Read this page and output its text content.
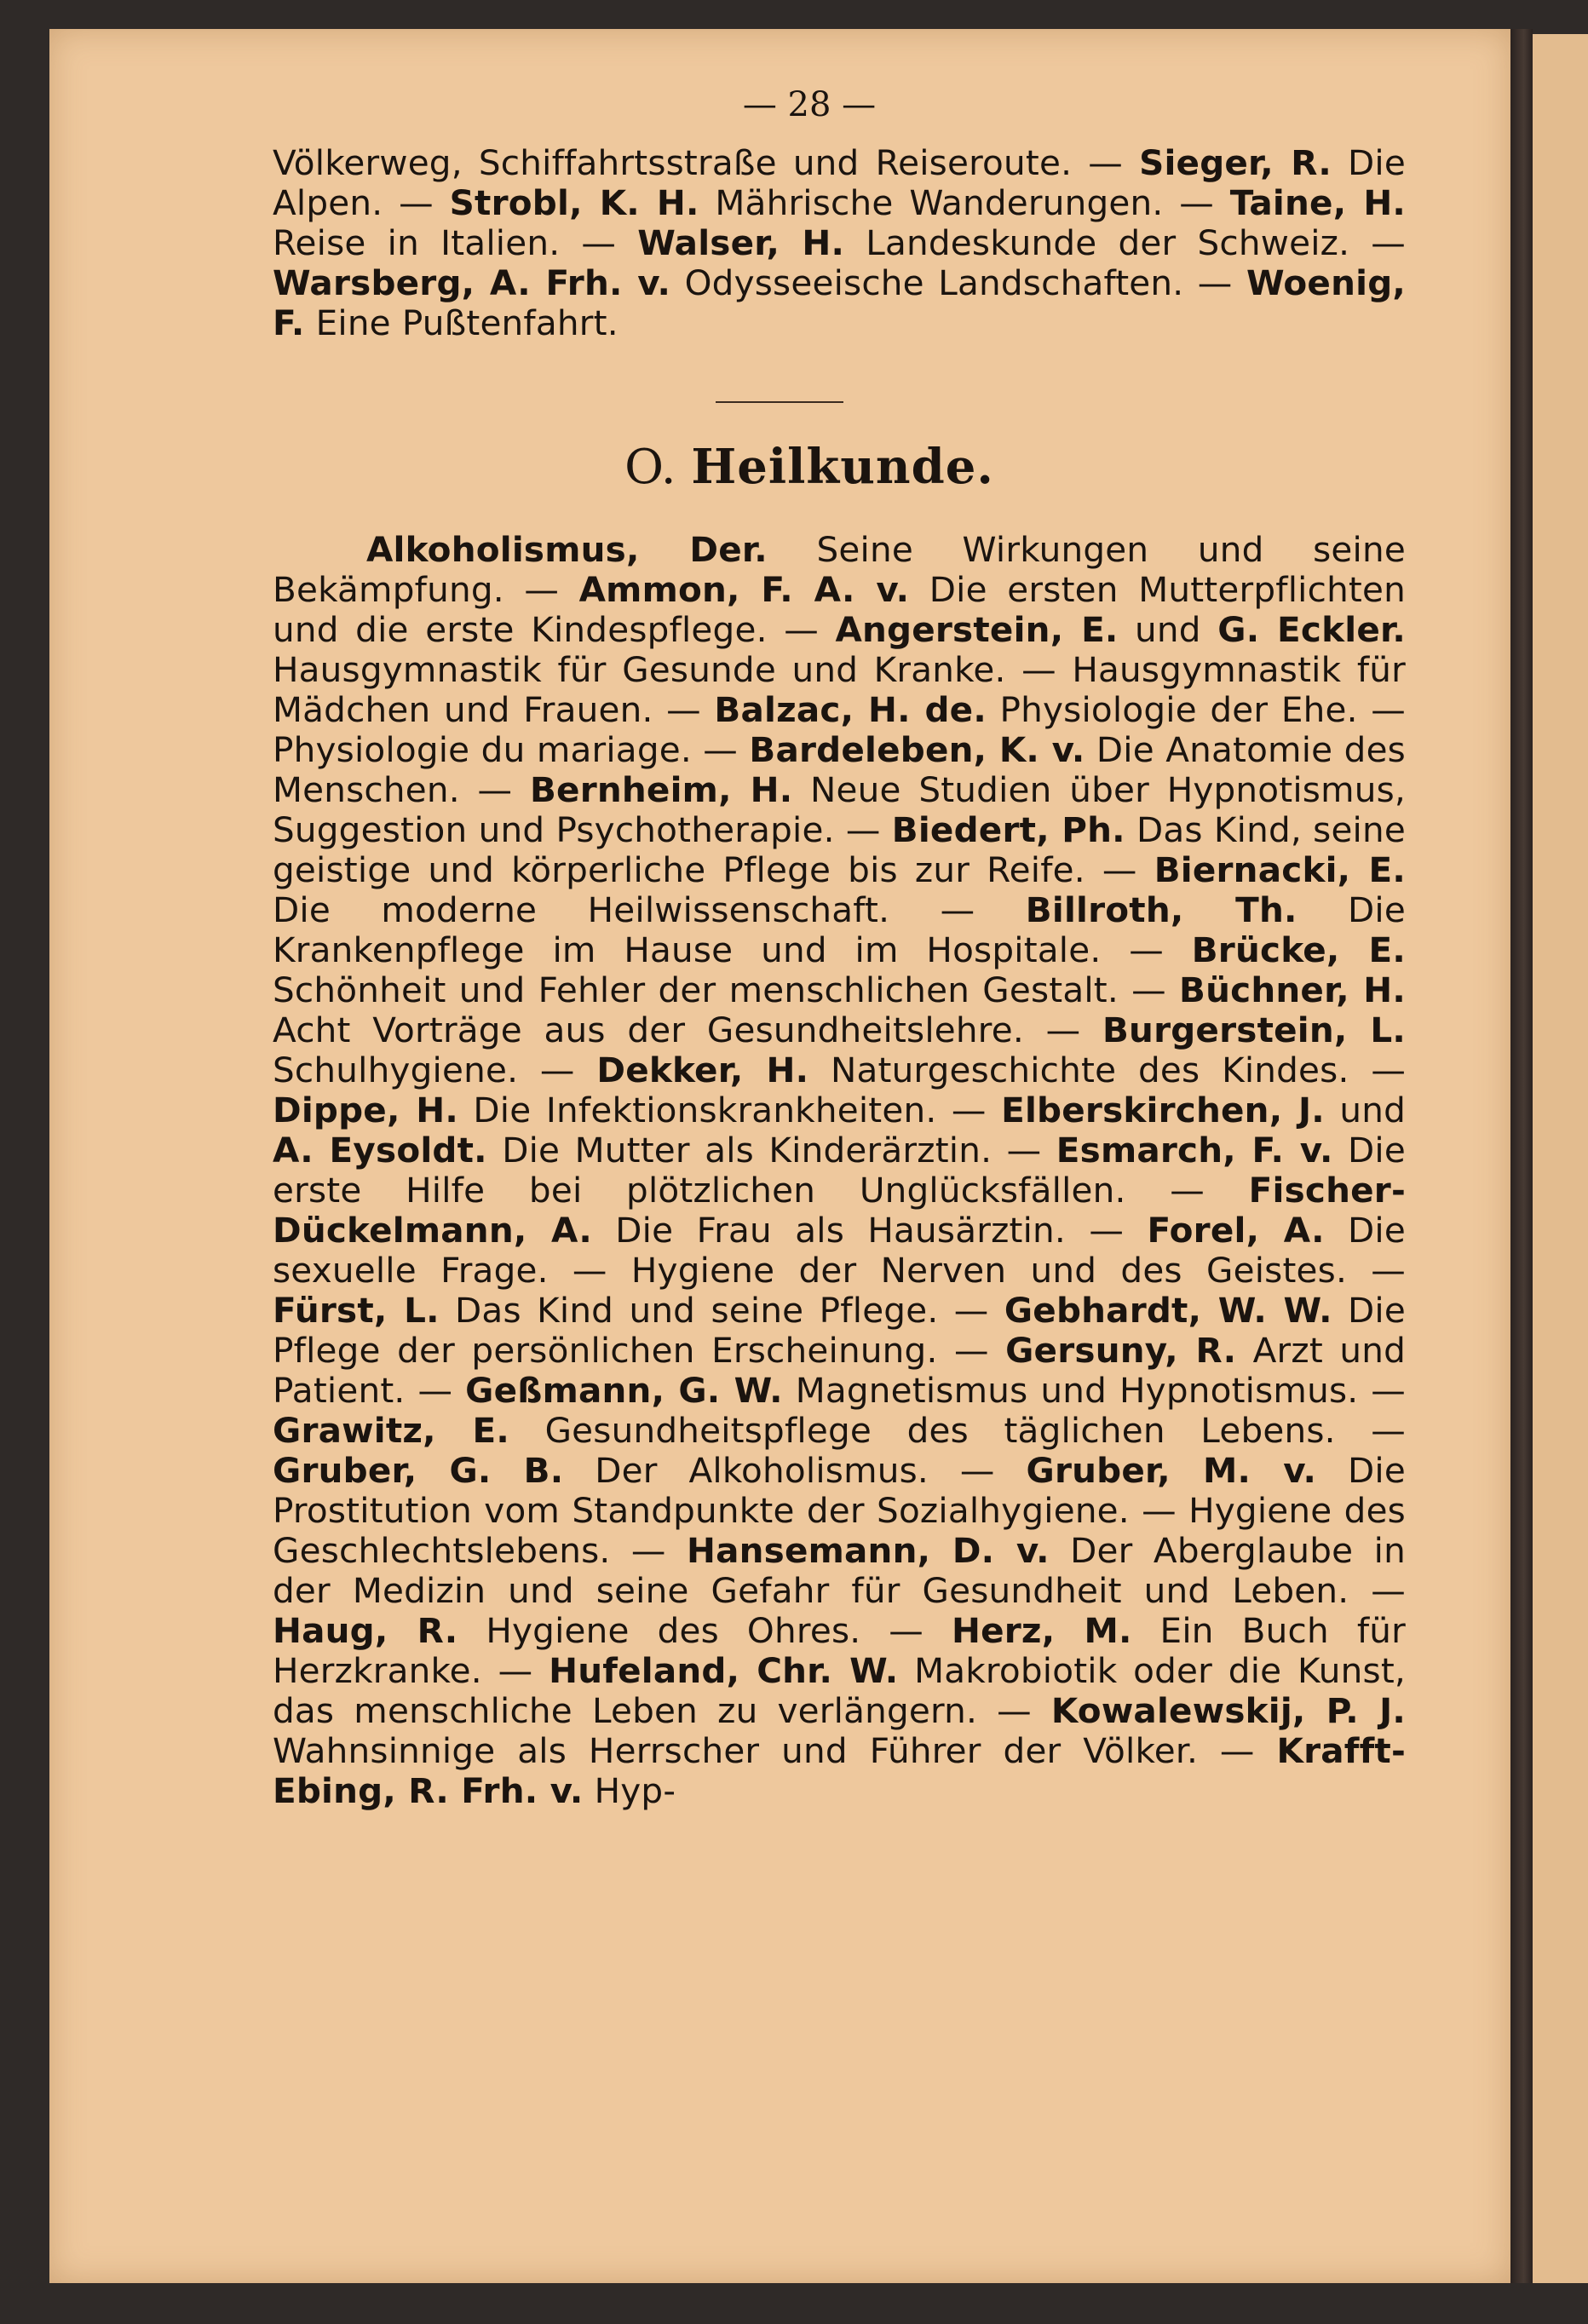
— 28 —
Völkerweg, Schiffahrtsstraße und Reiseroute. — Sieger, R. Die Alpen. — Strobl, K. H. Mährische Wanderungen. — Taine, H. Reise in Italien. — Walser, H. Landeskunde der Schweiz. — Warsberg, A. Frh. v. Odysseeische Landschaften. — Woenig, F. Eine Pußtenfahrt.
O. Heilkunde.
Alkoholismus, Der. Seine Wirkungen und seine Bekämpfung. — Ammon, F. A. v. Die ersten Mutterpflichten und die erste Kindespflege. — Angerstein, E. und G. Eckler. Hausgymnastik für Gesunde und Kranke. — Hausgymnastik für Mädchen und Frauen. — Balzac, H. de. Physiologie der Ehe. — Physiologie du mariage. — Bardeleben, K. v. Die Anatomie des Menschen. — Bernheim, H. Neue Studien über Hypnotismus, Suggestion und Psychotherapie. — Biedert, Ph. Das Kind, seine geistige und körperliche Pflege bis zur Reife. — Biernacki, E. Die moderne Heilwissenschaft. — Billroth, Th. Die Krankenpflege im Hause und im Hospitale. — Brücke, E. Schönheit und Fehler der menschlichen Gestalt. — Büchner, H. Acht Vorträge aus der Gesundheitslehre. — Burgerstein, L. Schulhygiene. — Dekker, H. Naturgeschichte des Kindes. — Dippe, H. Die Infektionskrankheiten. — Elberskirchen, J. und A. Eysoldt. Die Mutter als Kinderärztin. — Esmarch, F. v. Die erste Hilfe bei plötzlichen Unglücksfällen. — Fischer-Dückelmann, A. Die Frau als Hausärztin. — Forel, A. Die sexuelle Frage. — Hygiene der Nerven und des Geistes. — Fürst, L. Das Kind und seine Pflege. — Gebhardt, W. W. Die Pflege der persönlichen Erscheinung. — Gersuny, R. Arzt und Patient. — Geßmann, G. W. Magnetismus und Hypnotismus. — Grawitz, E. Gesundheitspflege des täglichen Lebens. — Gruber, G. B. Der Alkoholismus. — Gruber, M. v. Die Prostitution vom Standpunkte der Sozialhygiene. — Hygiene des Geschlechtslebens. — Hansemann, D. v. Der Aberglaube in der Medizin und seine Gefahr für Gesundheit und Leben. — Haug, R. Hygiene des Ohres. — Herz, M. Ein Buch für Herzkranke. — Hufeland, Chr. W. Makrobiotik oder die Kunst, das menschliche Leben zu verlängern. — Kowalewskij, P. J. Wahnsinnige als Herrscher und Führer der Völker. — Krafft-Ebing, R. Frh. v. Hyp-
